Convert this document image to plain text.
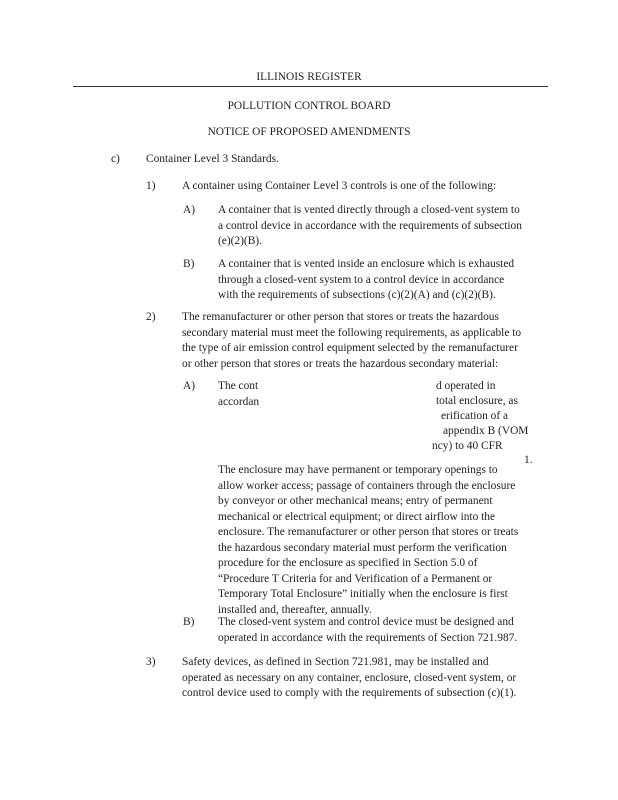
ILLINOIS REGISTER
POLLUTION CONTROL BOARD
NOTICE OF PROPOSED AMENDMENTS
c) Container Level 3 Standards.
1) A container using Container Level 3 controls is one of the following:
A) A container that is vented directly through a closed-vent system to
a control device in accordance with the requirements of subsection
(e)(2)(B).
B) A container that is vented inside an enclosure which is exhausted
through a closed-vent system to a control device in accordance
with the requirements of subsections (c)(2)(A) and (c)(2)(B).
2) The remanufacturer or other person that stores or treats the hazardous
secondary material must meet the following requirements, as applicable to
the type of air emission control equipment selected by the remanufacturer
or other person that stores or treats the hazardous secondary material:
A) The cont
accordan
d operated in
total enclosure, as
erification of a
appendix B (VOM
ncy) to 40 CFR
1.
The enclosure may have permanent or temporary openings to
allow worker access; passage of containers through the enclosure
by conveyor or other mechanical means; entry of permanent
mechanical or electrical equipment; or direct airflow into the
enclosure. The remanufacturer or other person that stores or treats
the hazardous secondary material must perform the verification
procedure for the enclosure as specified in Section 5.0 of
“Procedure T Criteria for and Verification of a Permanent or
Temporary Total Enclosure” initially when the enclosure is first
installed and, thereafter, annually.
B) The closed-vent system and control device must be designed and
operated in accordance with the requirements of Section 721.987.
3) Safety devices, as defined in Section 721.981, may be installed and
operated as necessary on any container, enclosure, closed-vent system, or
control device used to comply with the requirements of subsection (c)(1).
